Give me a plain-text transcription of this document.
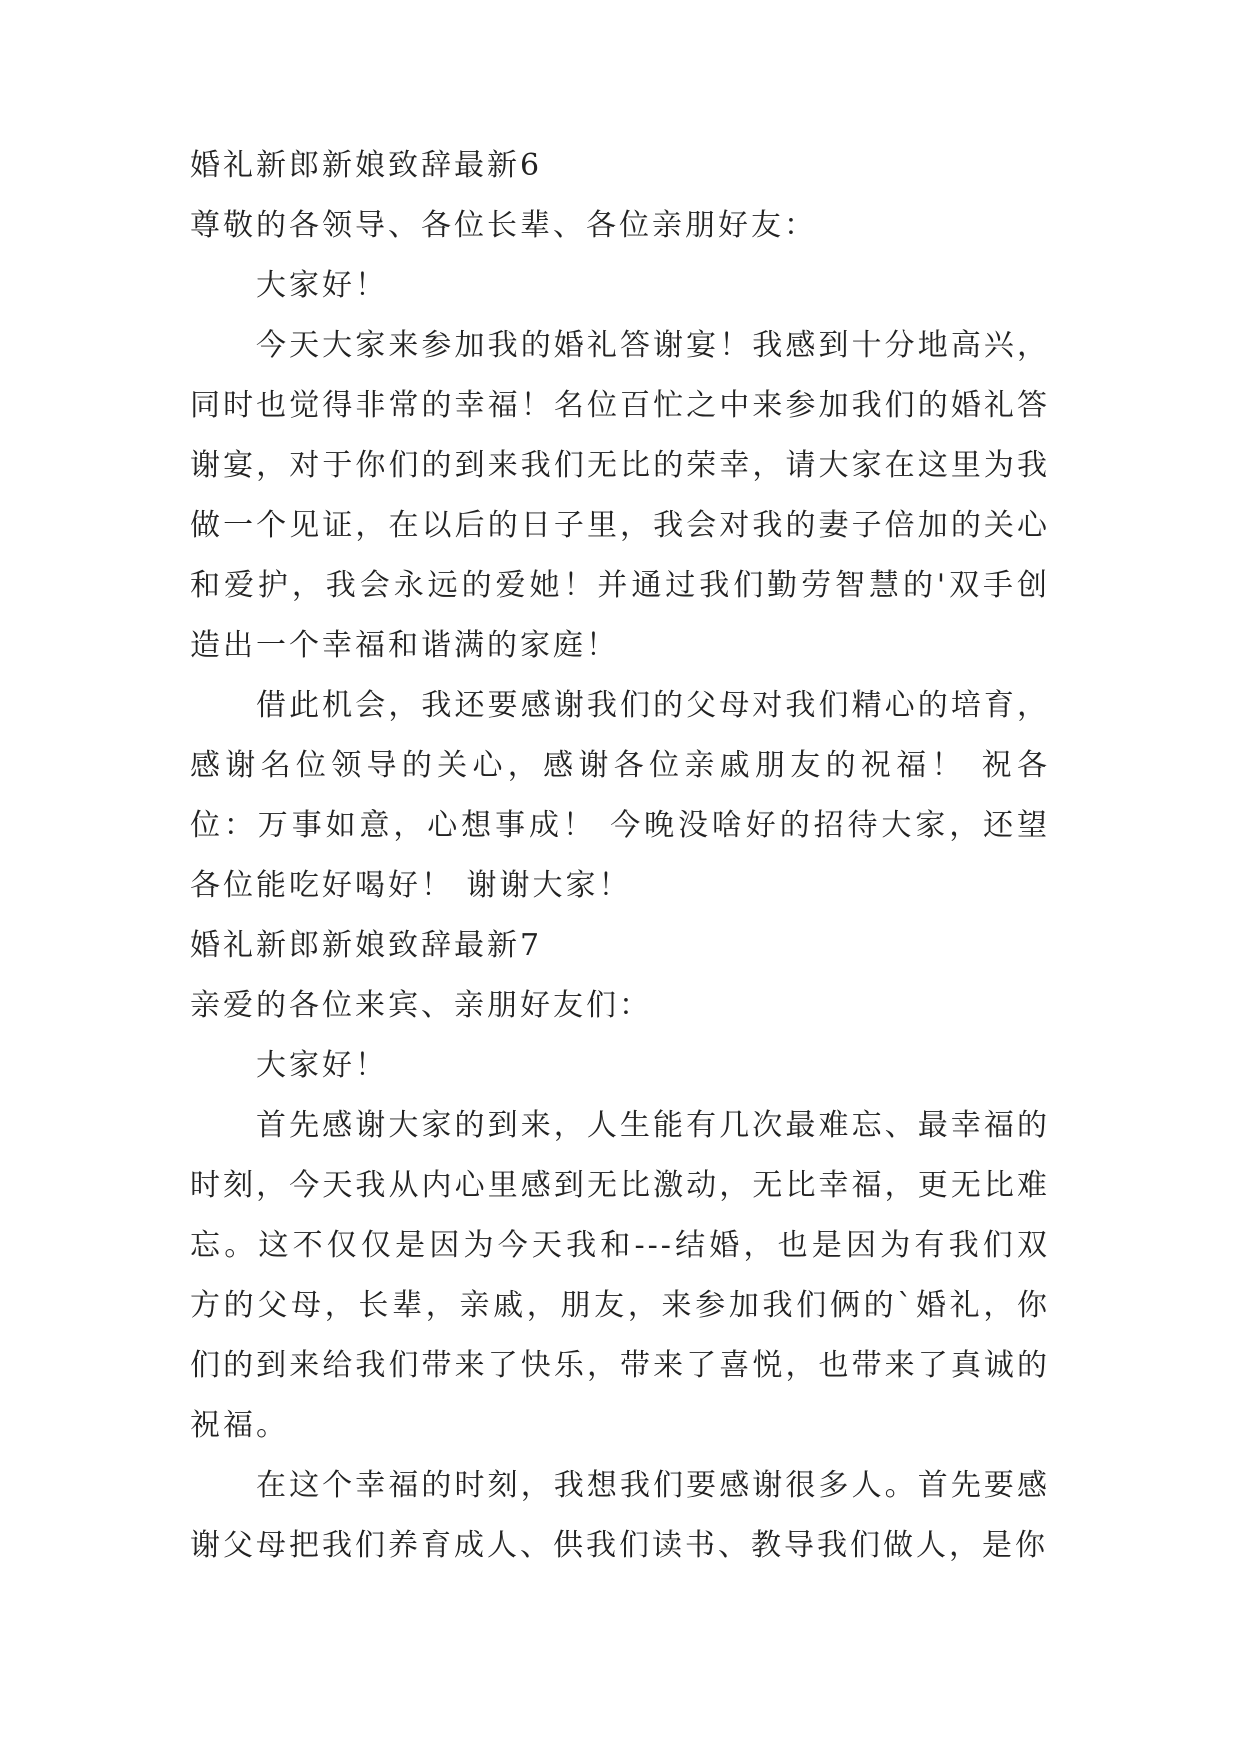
婚礼新郎新娘致辞最新6

尊敬的各领导、各位长辈、各位亲朋好友：

大家好！

今天大家来参加我的婚礼答谢宴！我感到十分地高兴，同时也觉得非常的幸福！名位百忙之中来参加我们的婚礼答谢宴，对于你们的到来我们无比的荣幸，请大家在这里为我做一个见证，在以后的日子里，我会对我的妻子倍加的关心和爱护，我会永远的爱她！并通过我们勤劳智慧的'双手创造出一个幸福和谐满的家庭！

借此机会，我还要感谢我们的父母对我们精心的培育，感谢名位领导的关心，感谢各位亲戚朋友的祝福！ 祝各位：万事如意，心想事成！ 今晚没啥好的招待大家，还望各位能吃好喝好！ 谢谢大家！

婚礼新郎新娘致辞最新7

亲爱的各位来宾、亲朋好友们：

大家好！

首先感谢大家的到来，人生能有几次最难忘、最幸福的时刻，今天我从内心里感到无比激动，无比幸福，更无比难忘。这不仅仅是因为今天我和---结婚，也是因为有我们双方的父母，长辈，亲戚，朋友，来参加我们俩的`婚礼，你们的到来给我们带来了快乐，带来了喜悦，也带来了真诚的祝福。

在这个幸福的时刻，我想我们要感谢很多人。首先要感谢父母把我们养育成人、供我们读书、教导我们做人，是你
